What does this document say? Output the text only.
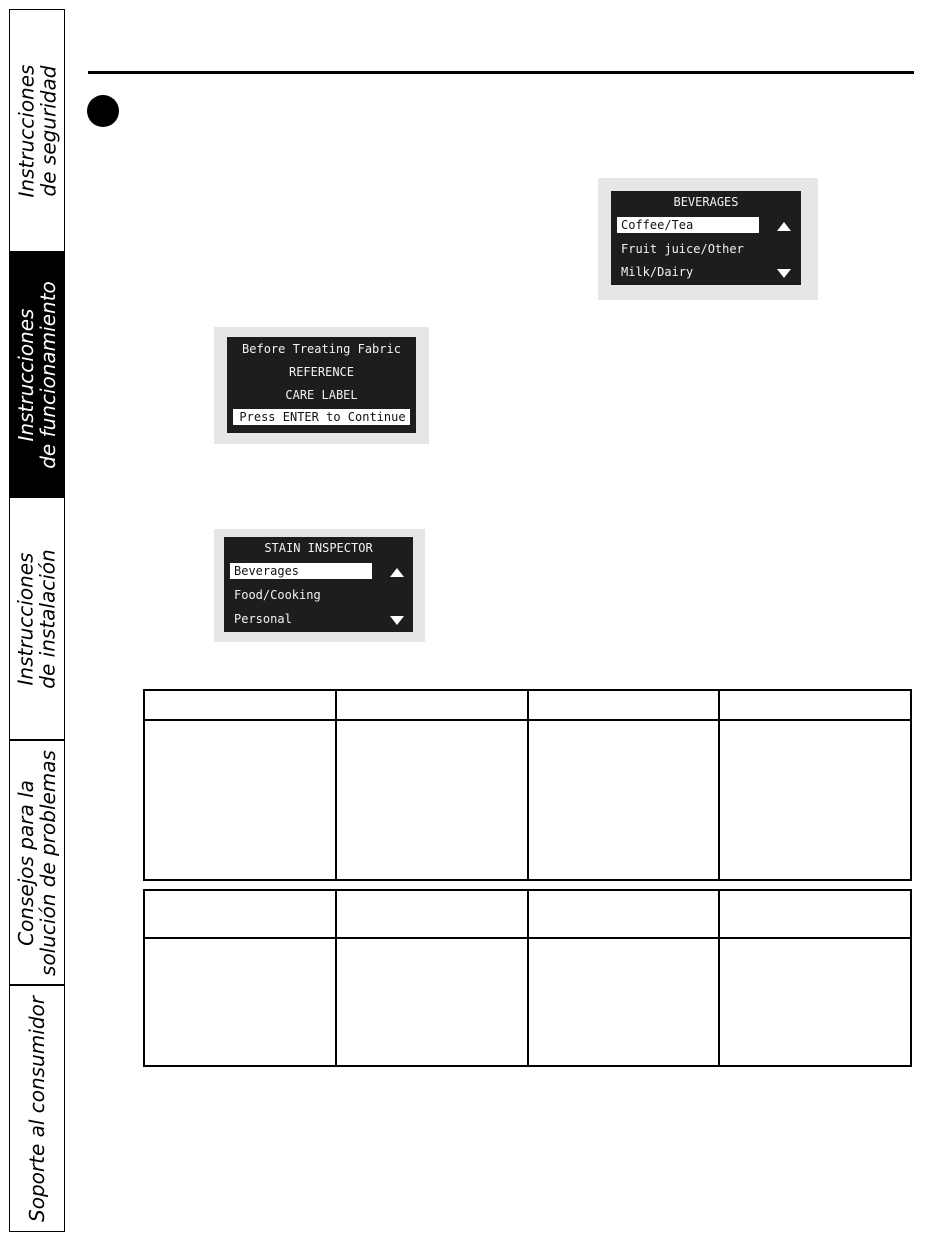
Instrucciones
de seguridad
Instrucciones
de funcionamiento
Instrucciones
de instalación
Consejos para la
solución de problemas
Soporte al consumidor
BEVERAGES
Coffee/Tea
Fruit juice/Other
Milk/Dairy
Before Treating Fabric
REFERENCE
CARE LABEL
Press ENTER to Continue
STAIN INSPECTOR
Beverages
Food/Cooking
Personal
